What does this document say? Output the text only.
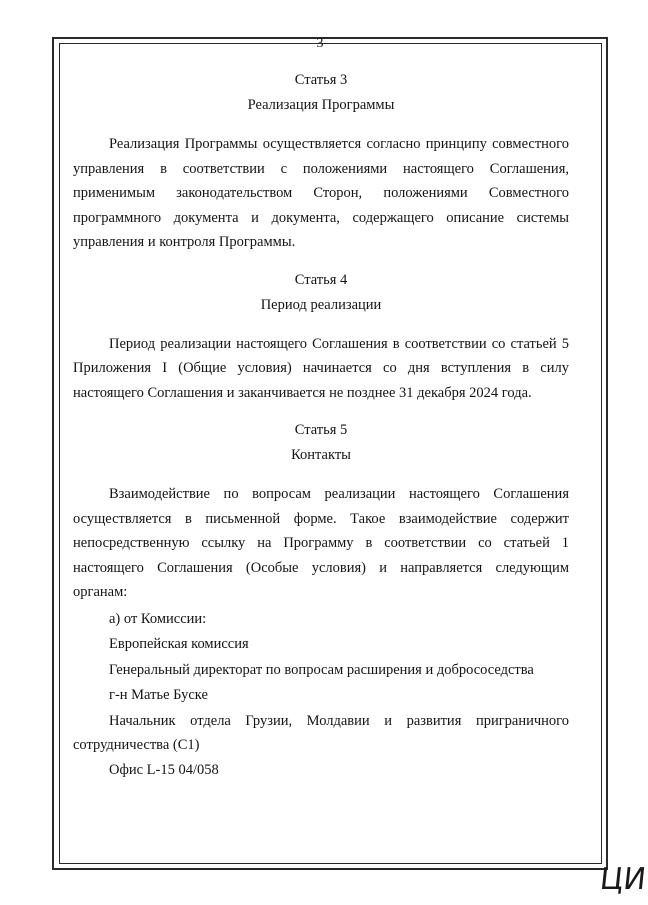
3

Статья 3

Реализация Программы

Реализация Программы осуществляется согласно принципу совместного управления в соответствии с положениями настоящего Соглашения, применимым законодательством Сторон, положениями Совместного программного документа и документа, содержащего описание системы управления и контроля Программы.

Статья 4

Период реализации

Период реализации настоящего Соглашения в соответствии со статьей 5 Приложения I (Общие условия) начинается со дня вступления в силу настоящего Соглашения и заканчивается не позднее 31 декабря 2024 года.

Статья 5

Контакты

Взаимодействие по вопросам реализации настоящего Соглашения осуществляется в письменной форме. Такое взаимодействие содержит непосредственную ссылку на Программу в соответствии со статьей 1 настоящего Соглашения (Особые условия) и направляется следующим органам:

а) от Комиссии:

Европейская комиссия

Генеральный директорат по вопросам расширения и добрососедства

г-н Матье Буске

Начальник отдела Грузии, Молдавии и развития приграничного сотрудничества (C1)

Офис L-15 04/058

ЦИ
